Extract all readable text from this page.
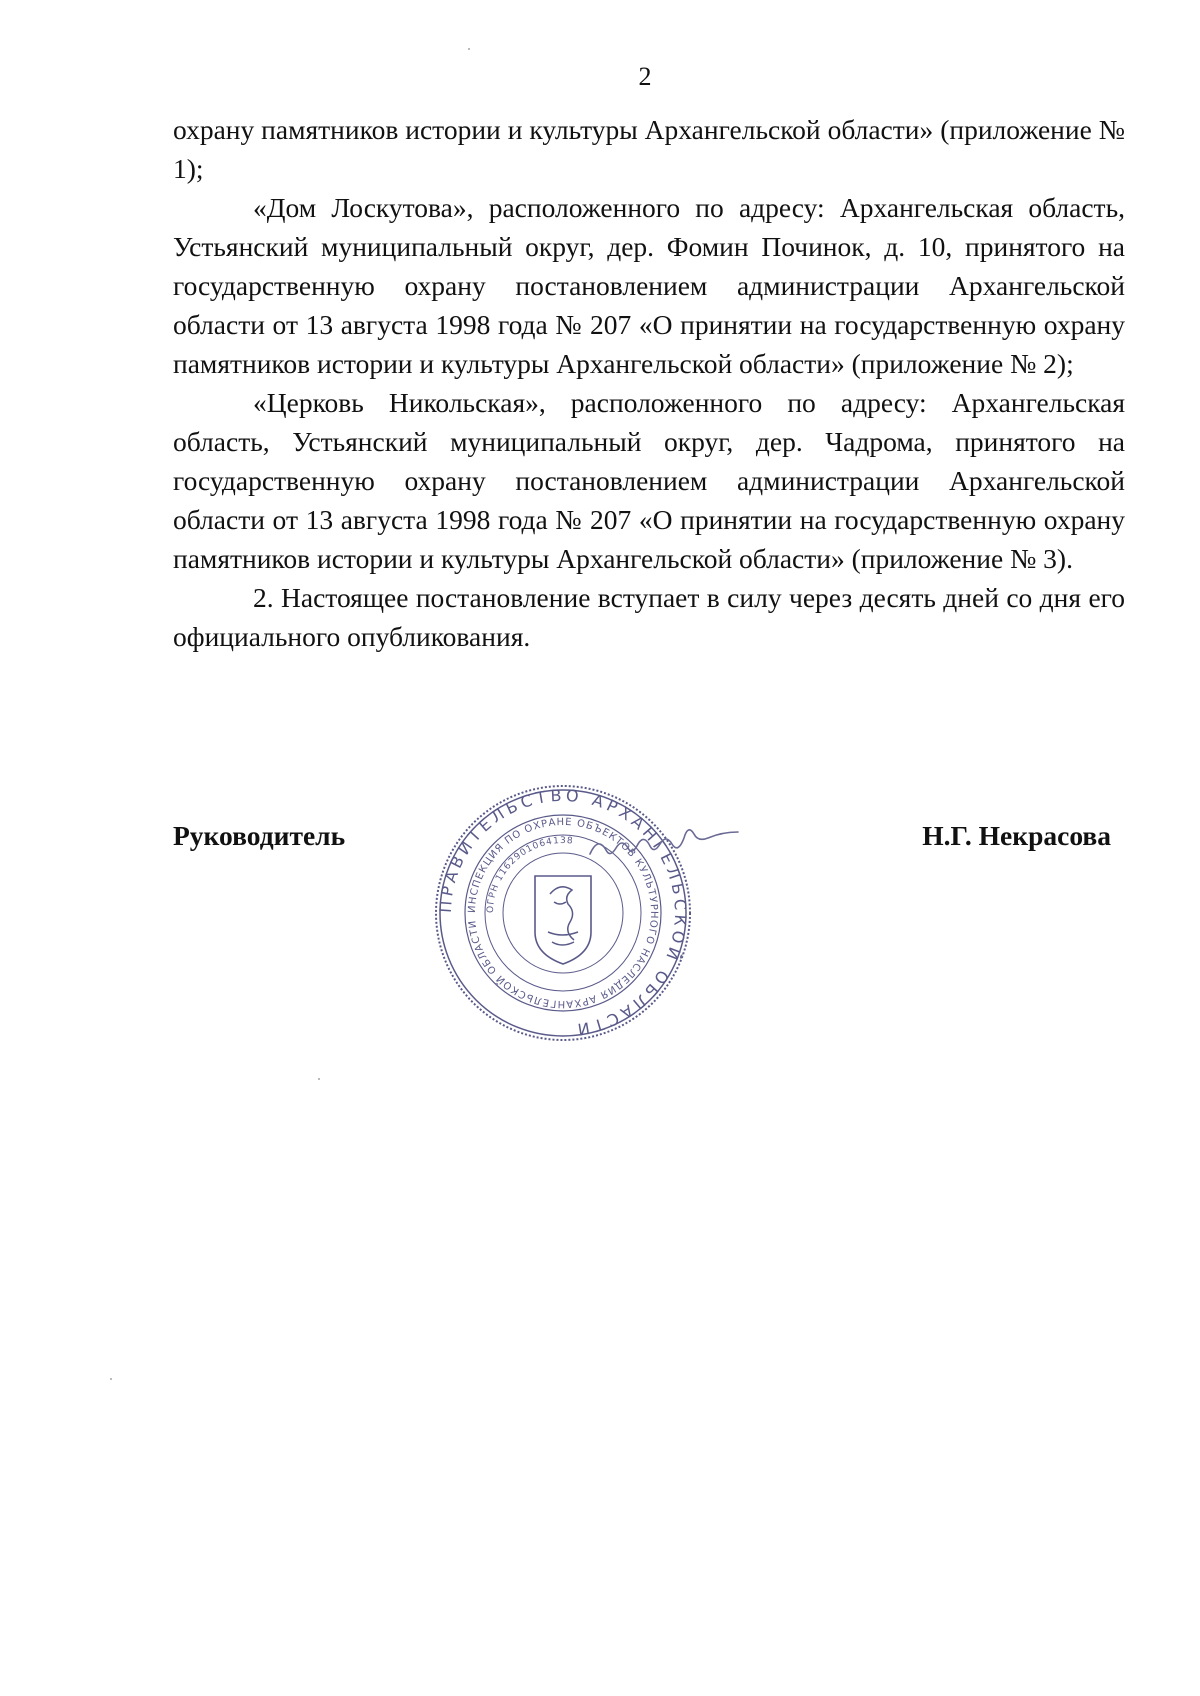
2

охрану памятников истории и культуры Архангельской области» (приложение № 1);

«Дом Лоскутова», расположенного по адресу: Архангельская область, Устьянский муниципальный округ, дер. Фомин Починок, д. 10, принятого на государственную охрану постановлением администрации Архангельской области от 13 августа 1998 года № 207 «О принятии на государственную охрану памятников истории и культуры Архангельской области» (приложение № 2);

«Церковь Никольская», расположенного по адресу: Архангельская область, Устьянский муниципальный округ, дер. Чадрома, принятого на государственную охрану постановлением администрации Архангельской области от 13 августа 1998 года № 207 «О принятии на государственную охрану памятников истории и культуры Архангельской области» (приложение № 3).

2. Настоящее постановление вступает в силу через десять дней со дня его официального опубликования.

Руководитель	Н.Г. Некрасова
ПРАВИТЕЛЬСТВО АРХАНГЕЛЬСКОЙ ОБЛАСТИ
ИНСПЕКЦИЯ ПО ОХРАНЕ ОБЪЕКТОВ КУЛЬТУРНОГО НАСЛЕДИЯ АРХАНГЕЛЬСКОЙ ОБЛАСТИ
ОГРН 1162901064138
